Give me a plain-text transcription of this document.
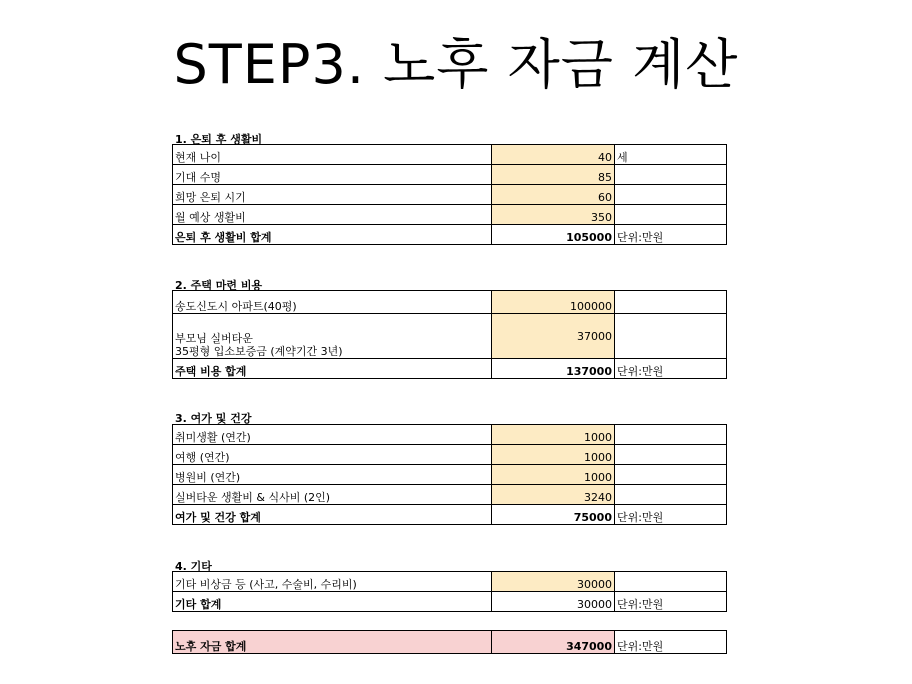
STEP3. 노후 자금 계산
1. 은퇴 후 생활비
현재 나이	40	세
기대 수명	85	
희망 은퇴 시기	60	
월 예상 생활비	350	
은퇴 후 생활비 합계	105000	단위:만원
2. 주택 마련 비용
송도신도시 아파트(40평)	100000	
부모님 실버타운
35평형 입소보증금 (계약기간 3년)	37000	
주택 비용 합계	137000	단위:만원
3. 여가 및 건강
취미생활 (연간)	1000	
여행 (연간)	1000	
병원비 (연간)	1000	
실버타운 생활비 & 식사비 (2인)	3240	
여가 및 건강 합계	75000	단위:만원
4. 기타
기타 비상금 등 (사고, 수술비, 수리비)	30000	
기타 합계	30000	단위:만원
노후 자금 합계	347000	단위:만원
